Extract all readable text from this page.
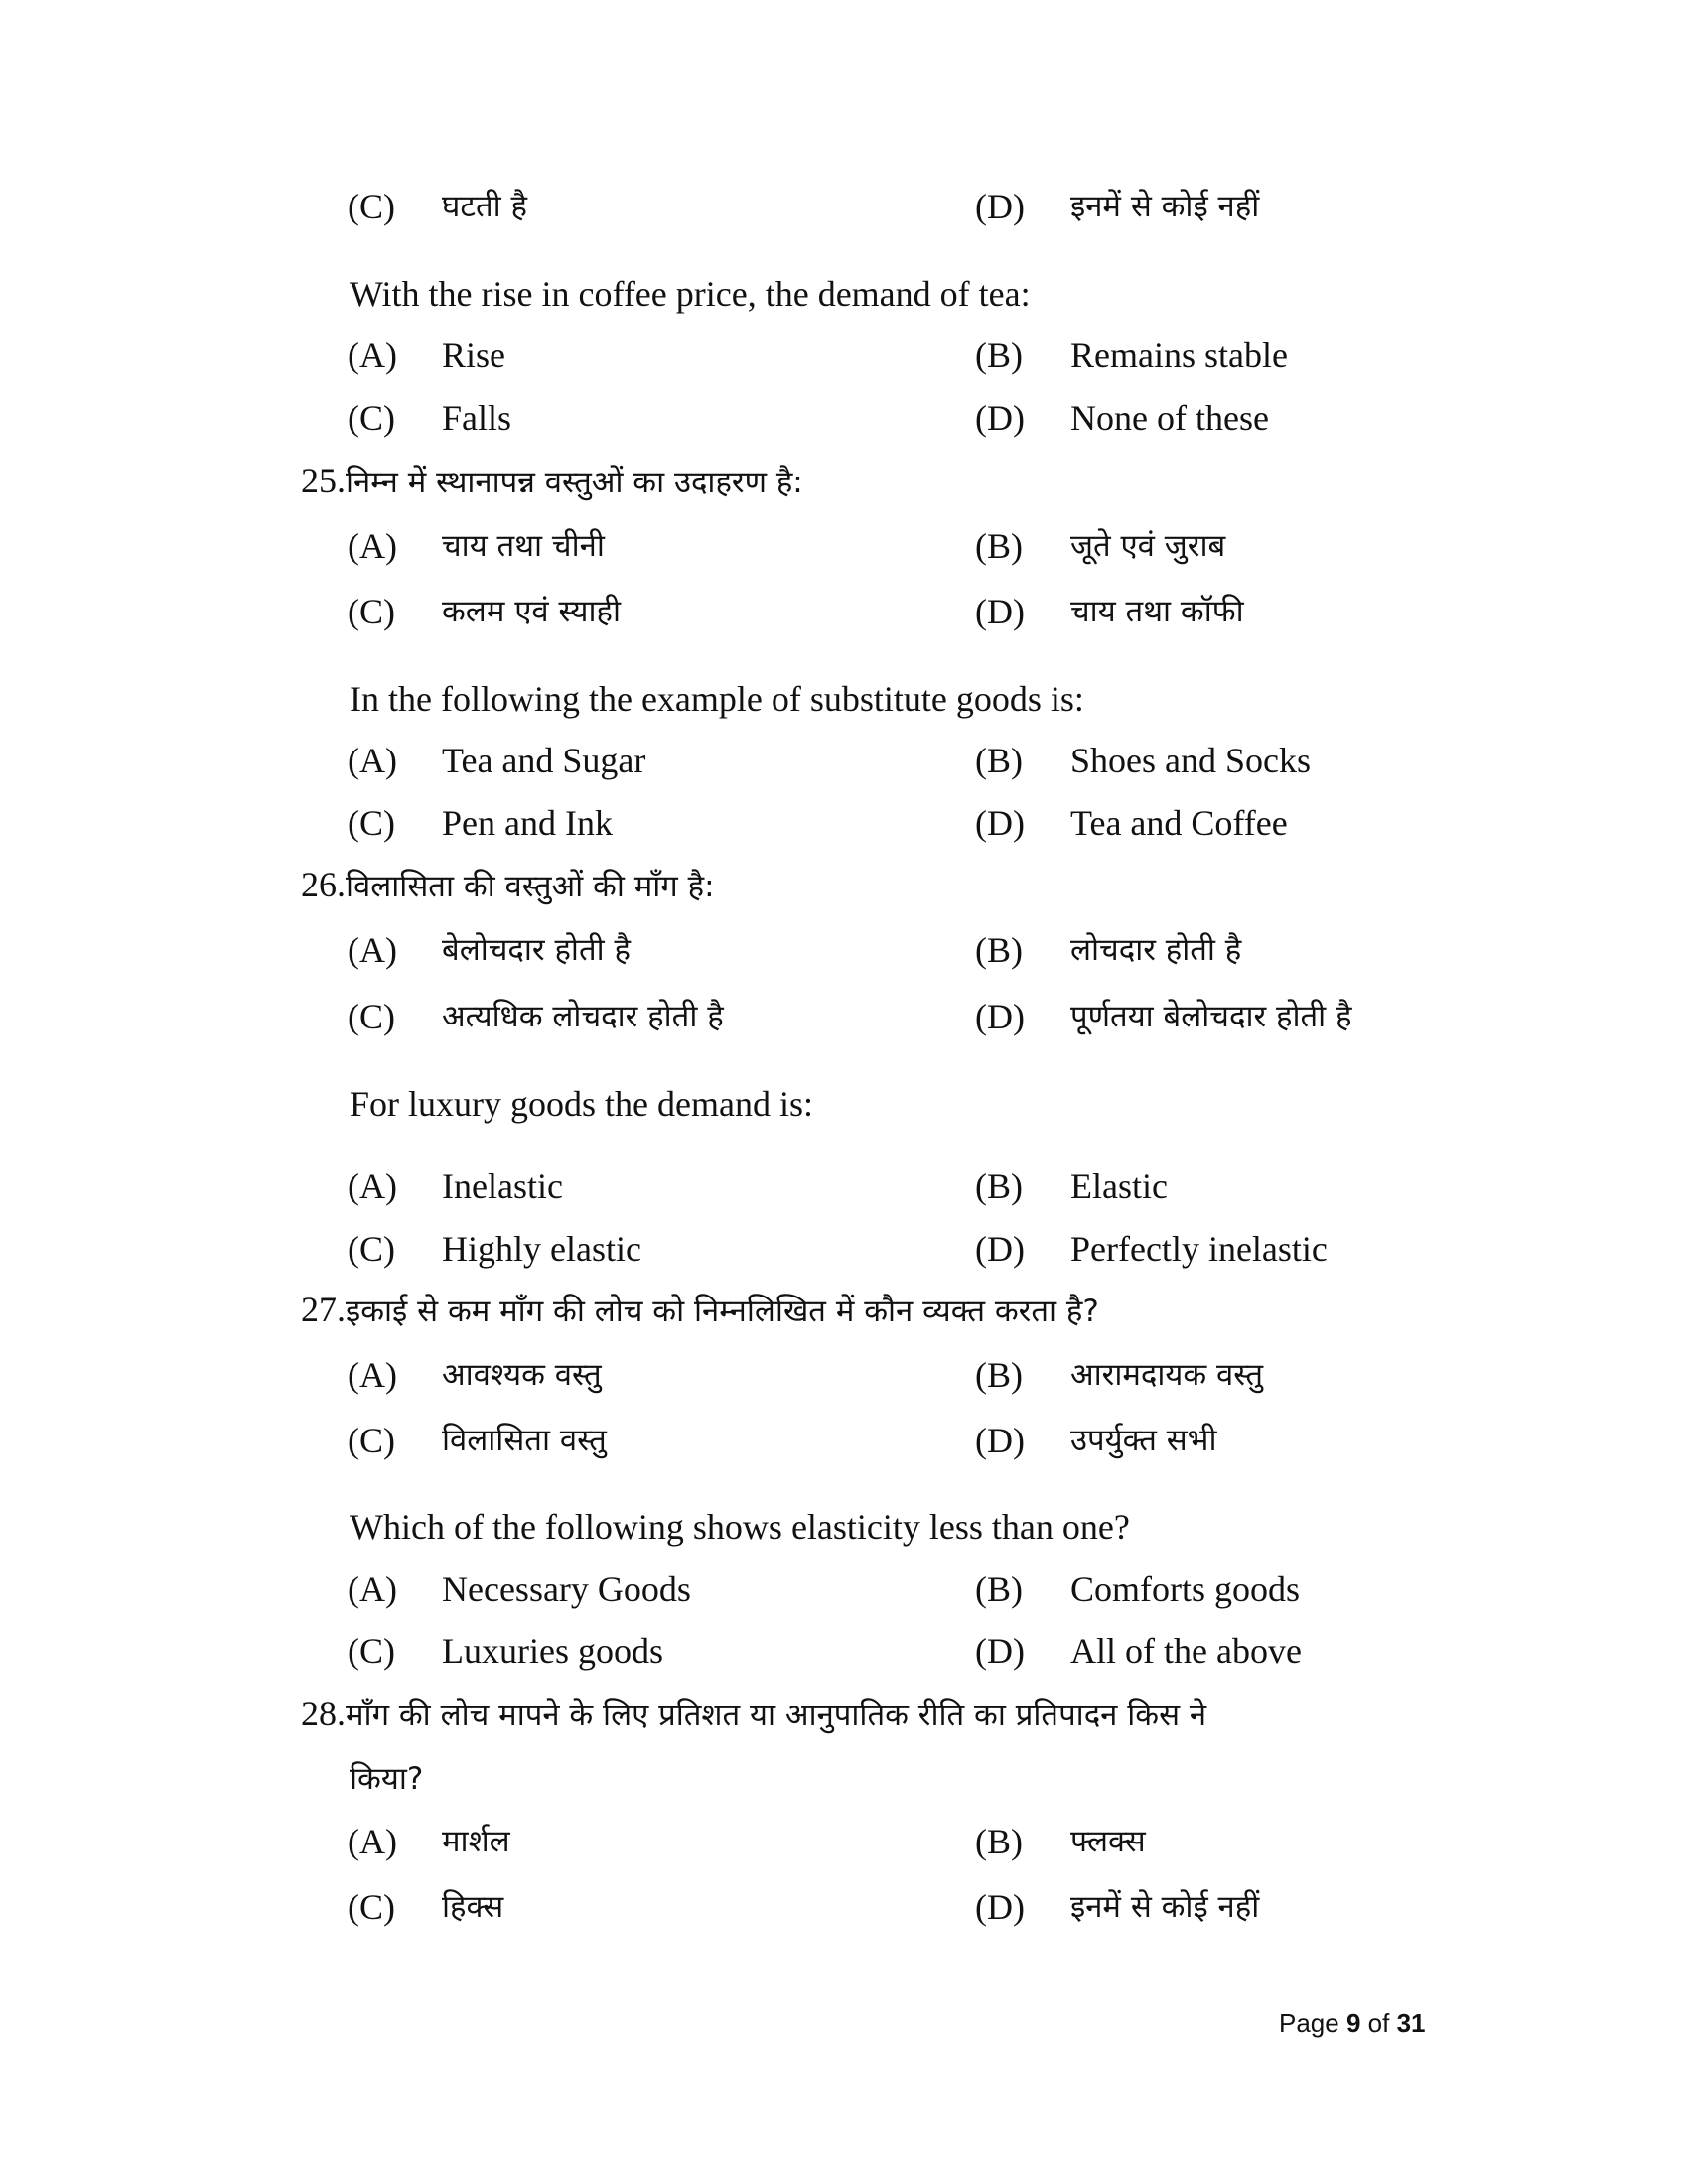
(C) घटती है	(D) इनमें से कोई नहीं
With the rise in coffee price, the demand of tea:
(A) Rise	(B) Remains stable
(C) Falls	(D) None of these
25.निम्न में स्थानापन्न वस्तुओं का उदाहरण है:
(A) चाय तथा चीनी	(B) जूते एवं जुराब
(C) कलम एवं स्याही	(D) चाय तथा कॉफी
In the following the example of substitute goods is:
(A) Tea and Sugar	(B) Shoes and Socks
(C) Pen and Ink	(D) Tea and Coffee
26.विलासिता की वस्तुओं की माँग है:
(A) बेलोचदार होती है	(B) लोचदार होती है
(C) अत्यधिक लोचदार होती है	(D) पूर्णतया बेलोचदार होती है
For luxury goods the demand is:
(A) Inelastic	(B) Elastic
(C) Highly elastic	(D) Perfectly inelastic
27.इकाई से कम माँग की लोच को निम्नलिखित में कौन व्यक्त करता है?
(A) आवश्यक वस्तु	(B) आरामदायक वस्तु
(C) विलासिता वस्तु	(D) उपर्युक्त सभी
Which of the following shows elasticity less than one?
(A) Necessary Goods	(B) Comforts goods
(C) Luxuries goods	(D) All of the above
28.माँग की लोच मापने के लिए प्रतिशत या आनुपातिक रीति का प्रतिपादन किस ने
किया?
(A) मार्शल	(B) फ्लक्स
(C) हिक्स	(D) इनमें से कोई नहीं
Page 9 of 31
